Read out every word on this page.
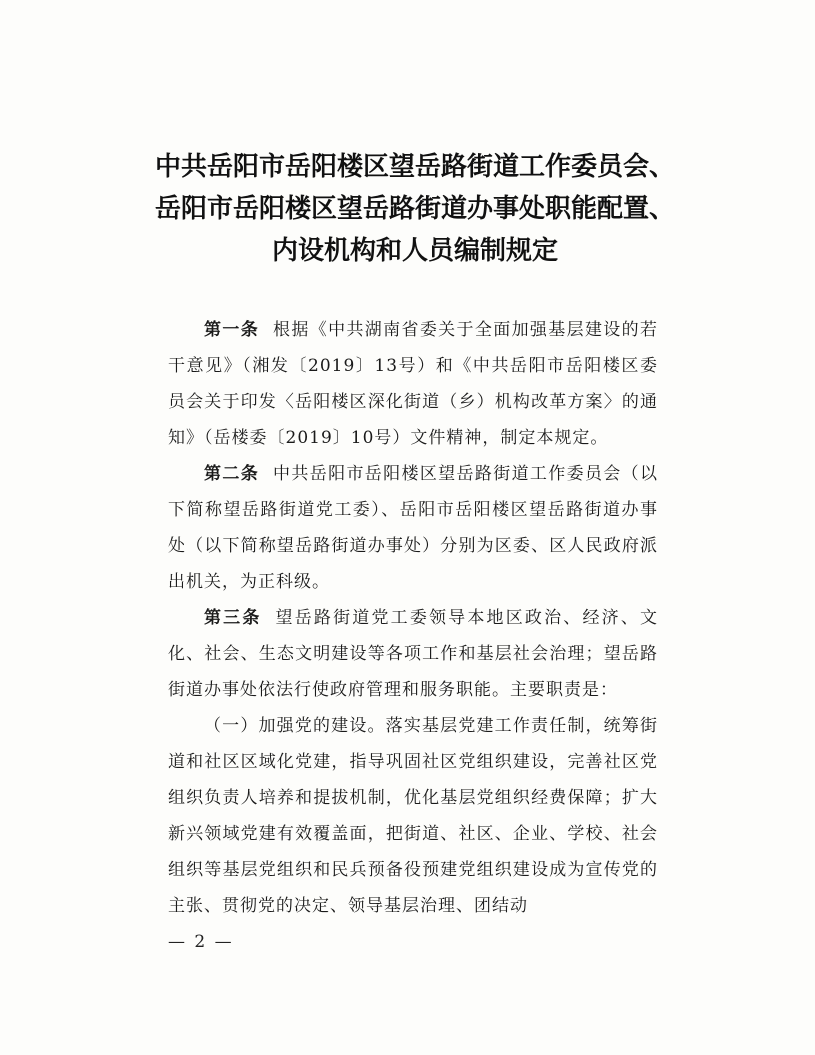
中共岳阳市岳阳楼区望岳路街道工作委员会、
岳阳市岳阳楼区望岳路街道办事处职能配置、
内设机构和人员编制规定

第一条 根据《中共湖南省委关于全面加强基层建设的若干意见》（湘发〔2019〕13号）和《中共岳阳市岳阳楼区委员会关于印发〈岳阳楼区深化街道（乡）机构改革方案〉的通知》（岳楼委〔2019〕10号）文件精神，制定本规定。

第二条 中共岳阳市岳阳楼区望岳路街道工作委员会（以下简称望岳路街道党工委）、岳阳市岳阳楼区望岳路街道办事处（以下简称望岳路街道办事处）分别为区委、区人民政府派出机关，为正科级。

第三条 望岳路街道党工委领导本地区政治、经济、文化、社会、生态文明建设等各项工作和基层社会治理；望岳路街道办事处依法行使政府管理和服务职能。主要职责是：

（一）加强党的建设。落实基层党建工作责任制，统筹街道和社区区域化党建，指导巩固社区党组织建设，完善社区党组织负责人培养和提拔机制，优化基层党组织经费保障；扩大新兴领域党建有效覆盖面，把街道、社区、企业、学校、社会组织等基层党组织和民兵预备役预建党组织建设成为宣传党的主张、贯彻党的决定、领导基层治理、团结动

— 2 —
